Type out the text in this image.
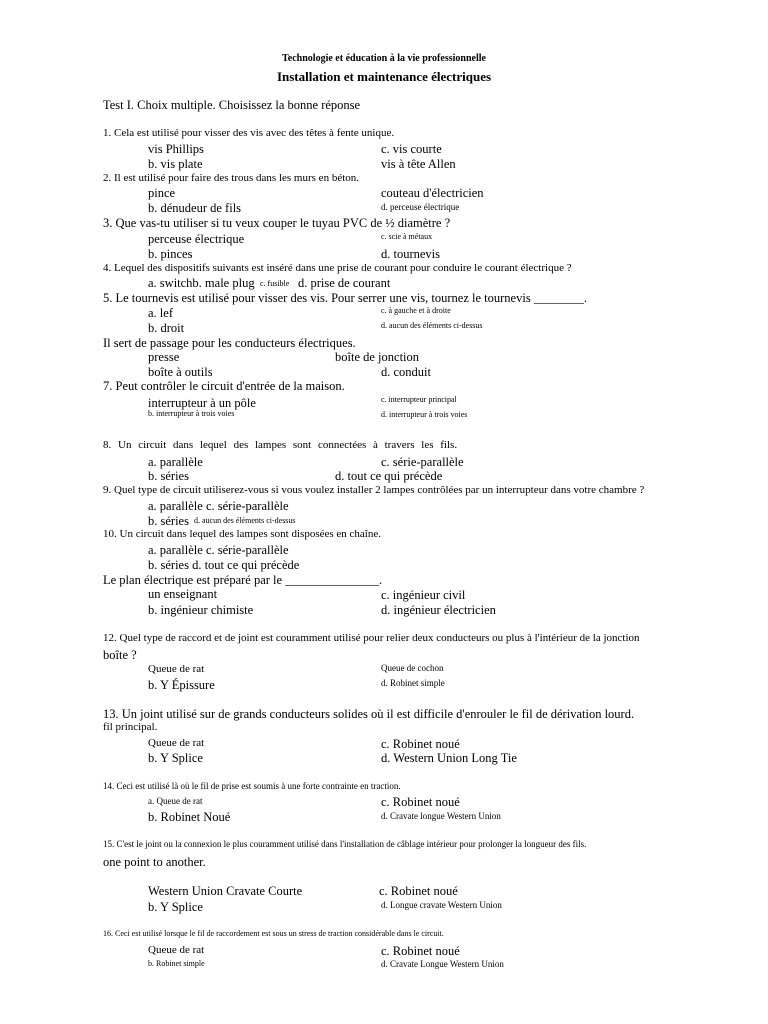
Technologie et éducation à la vie professionnelle
Installation et maintenance électriques
Test I. Choix multiple. Choisissez la bonne réponse
1. Cela est utilisé pour visser des vis avec des têtes à fente unique.
vis Phillips	c. vis courte
b. vis plate	vis à tête Allen
2. Il est utilisé pour faire des trous dans les murs en béton.
pince	couteau d'électricien
b. dénudeur de fils	d. perceuse électrique
3. Que vas-tu utiliser si tu veux couper le tuyau PVC de ½ diamètre ?
perceuse électrique	c. scie à métaux
b. pinces	d. tournevis
4. Lequel des dispositifs suivants est inséré dans une prise de courant pour conduire le courant électrique ?
a. switchb. male plug c. fusible d. prise de courant
5. Le tournevis est utilisé pour visser des vis. Pour serrer une vis, tournez le tournevis ________.
a. lef	c. à gauche et à droite
b. droit	d. aucun des éléments ci-dessus
Il sert de passage pour les conducteurs électriques.
presse	boîte de jonction
boîte à outils	d. conduit
7. Peut contrôler le circuit d'entrée de la maison.
interrupteur à un pôle	c. interrupteur principal
b. interrupteur à trois voies	d. interrupteur à trois voies
8. Un circuit dans lequel des lampes sont connectées à travers les fils.
a. parallèle	c. série-parallèle
b. séries	d. tout ce qui précède
9. Quel type de circuit utiliserez-vous si vous voulez installer 2 lampes contrôlées par un interrupteur dans votre chambre ?
a. parallèle c. série-parallèle
b. séries d. aucun des éléments ci-dessus
10. Un circuit dans lequel des lampes sont disposées en chaîne.
a. parallèle c. série-parallèle
b. séries d. tout ce qui précède
Le plan électrique est préparé par le _______________.
un enseignant	c. ingénieur civil
b. ingénieur chimiste	d. ingénieur électricien
12. Quel type de raccord et de joint est couramment utilisé pour relier deux conducteurs ou plus à l'intérieur de la jonction
boîte ?
Queue de rat	Queue de cochon
b. Y Épissure	d. Robinet simple
13. Un joint utilisé sur de grands conducteurs solides où il est difficile d'enrouler le fil de dérivation lourd.
fil principal.
Queue de rat	c. Robinet noué
b. Y Splice	d. Western Union Long Tie
14. Ceci est utilisé là où le fil de prise est soumis à une forte contrainte en traction.
a. Queue de rat	c. Robinet noué
b. Robinet Noué	d. Cravate longue Western Union
15. C'est le joint ou la connexion le plus couramment utilisé dans l'installation de câblage intérieur pour prolonger la longueur des fils.
one point to another.
Western Union Cravate Courte	c. Robinet noué
b. Y Splice	d. Longue cravate Western Union
16. Ceci est utilisé lorsque le fil de raccordement est sous un stress de traction considérable dans le circuit.
Queue de rat	c. Robinet noué
b. Robinet simple	d. Cravate Longue Western Union
